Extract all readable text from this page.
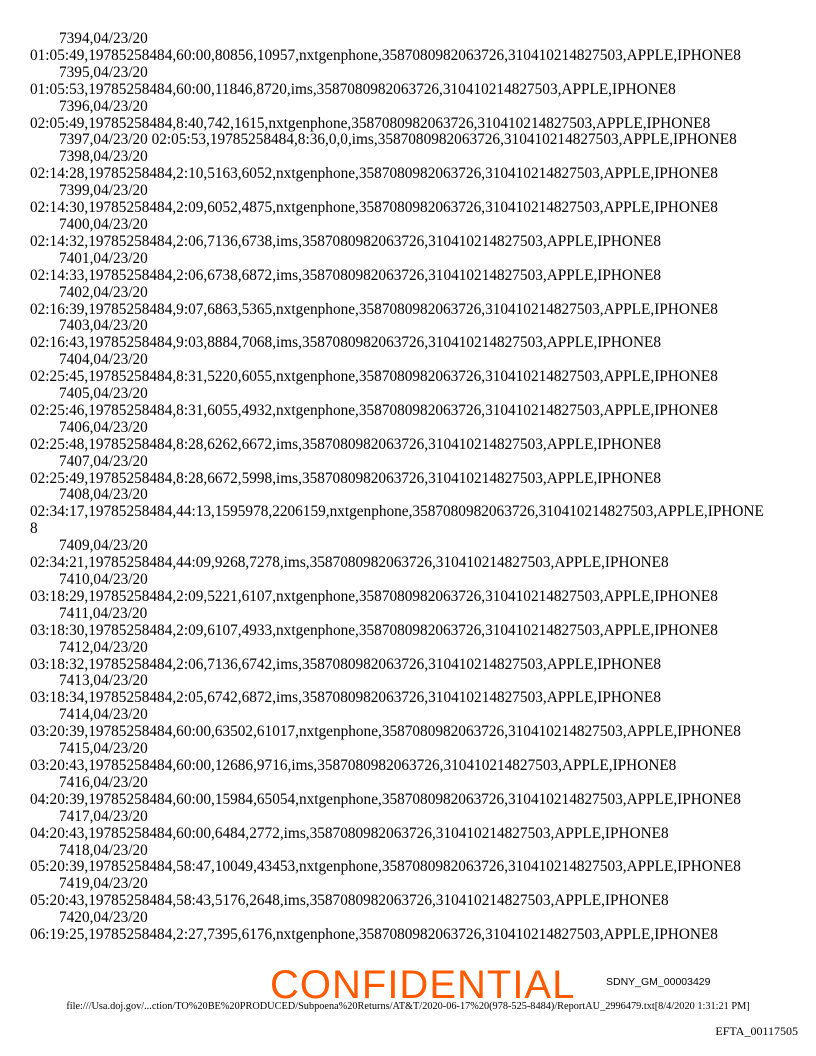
7394,04/23/20
01:05:49,19785258484,60:00,80856,10957,nxtgenphone,3587080982063726,310410214827503,APPLE,IPHONE8
7395,04/23/20
01:05:53,19785258484,60:00,11846,8720,ims,3587080982063726,310410214827503,APPLE,IPHONE8
7396,04/23/20
02:05:49,19785258484,8:40,742,1615,nxtgenphone,3587080982063726,310410214827503,APPLE,IPHONE8
7397,04/23/20 02:05:53,19785258484,8:36,0,0,ims,3587080982063726,310410214827503,APPLE,IPHONE8
7398,04/23/20
02:14:28,19785258484,2:10,5163,6052,nxtgenphone,3587080982063726,310410214827503,APPLE,IPHONE8
7399,04/23/20
02:14:30,19785258484,2:09,6052,4875,nxtgenphone,3587080982063726,310410214827503,APPLE,IPHONE8
7400,04/23/20
02:14:32,19785258484,2:06,7136,6738,ims,3587080982063726,310410214827503,APPLE,IPHONE8
7401,04/23/20
02:14:33,19785258484,2:06,6738,6872,ims,3587080982063726,310410214827503,APPLE,IPHONE8
7402,04/23/20
02:16:39,19785258484,9:07,6863,5365,nxtgenphone,3587080982063726,310410214827503,APPLE,IPHONE8
7403,04/23/20
02:16:43,19785258484,9:03,8884,7068,ims,3587080982063726,310410214827503,APPLE,IPHONE8
7404,04/23/20
02:25:45,19785258484,8:31,5220,6055,nxtgenphone,3587080982063726,310410214827503,APPLE,IPHONE8
7405,04/23/20
02:25:46,19785258484,8:31,6055,4932,nxtgenphone,3587080982063726,310410214827503,APPLE,IPHONE8
7406,04/23/20
02:25:48,19785258484,8:28,6262,6672,ims,3587080982063726,310410214827503,APPLE,IPHONE8
7407,04/23/20
02:25:49,19785258484,8:28,6672,5998,ims,3587080982063726,310410214827503,APPLE,IPHONE8
7408,04/23/20
02:34:17,19785258484,44:13,1595978,2206159,nxtgenphone,3587080982063726,310410214827503,APPLE,IPHONE
8
7409,04/23/20
02:34:21,19785258484,44:09,9268,7278,ims,3587080982063726,310410214827503,APPLE,IPHONE8
7410,04/23/20
03:18:29,19785258484,2:09,5221,6107,nxtgenphone,3587080982063726,310410214827503,APPLE,IPHONE8
7411,04/23/20
03:18:30,19785258484,2:09,6107,4933,nxtgenphone,3587080982063726,310410214827503,APPLE,IPHONE8
7412,04/23/20
03:18:32,19785258484,2:06,7136,6742,ims,3587080982063726,310410214827503,APPLE,IPHONE8
7413,04/23/20
03:18:34,19785258484,2:05,6742,6872,ims,3587080982063726,310410214827503,APPLE,IPHONE8
7414,04/23/20
03:20:39,19785258484,60:00,63502,61017,nxtgenphone,3587080982063726,310410214827503,APPLE,IPHONE8
7415,04/23/20
03:20:43,19785258484,60:00,12686,9716,ims,3587080982063726,310410214827503,APPLE,IPHONE8
7416,04/23/20
04:20:39,19785258484,60:00,15984,65054,nxtgenphone,3587080982063726,310410214827503,APPLE,IPHONE8
7417,04/23/20
04:20:43,19785258484,60:00,6484,2772,ims,3587080982063726,310410214827503,APPLE,IPHONE8
7418,04/23/20
05:20:39,19785258484,58:47,10049,43453,nxtgenphone,3587080982063726,310410214827503,APPLE,IPHONE8
7419,04/23/20
05:20:43,19785258484,58:43,5176,2648,ims,3587080982063726,310410214827503,APPLE,IPHONE8
7420,04/23/20
06:19:25,19785258484,2:27,7395,6176,nxtgenphone,3587080982063726,310410214827503,APPLE,IPHONE8
file:///Usa.doj.gov/...ction/TO%20BE%20PRODUCED/Subpoena%20Returns/AT&T/2020-06-17%20(978-525-8484)/ReportAU_2996479.txt[8/4/2020 1:31:21 PM]
CONFIDENTIAL	SDNY_GM_00003429
EFTA_00117505
